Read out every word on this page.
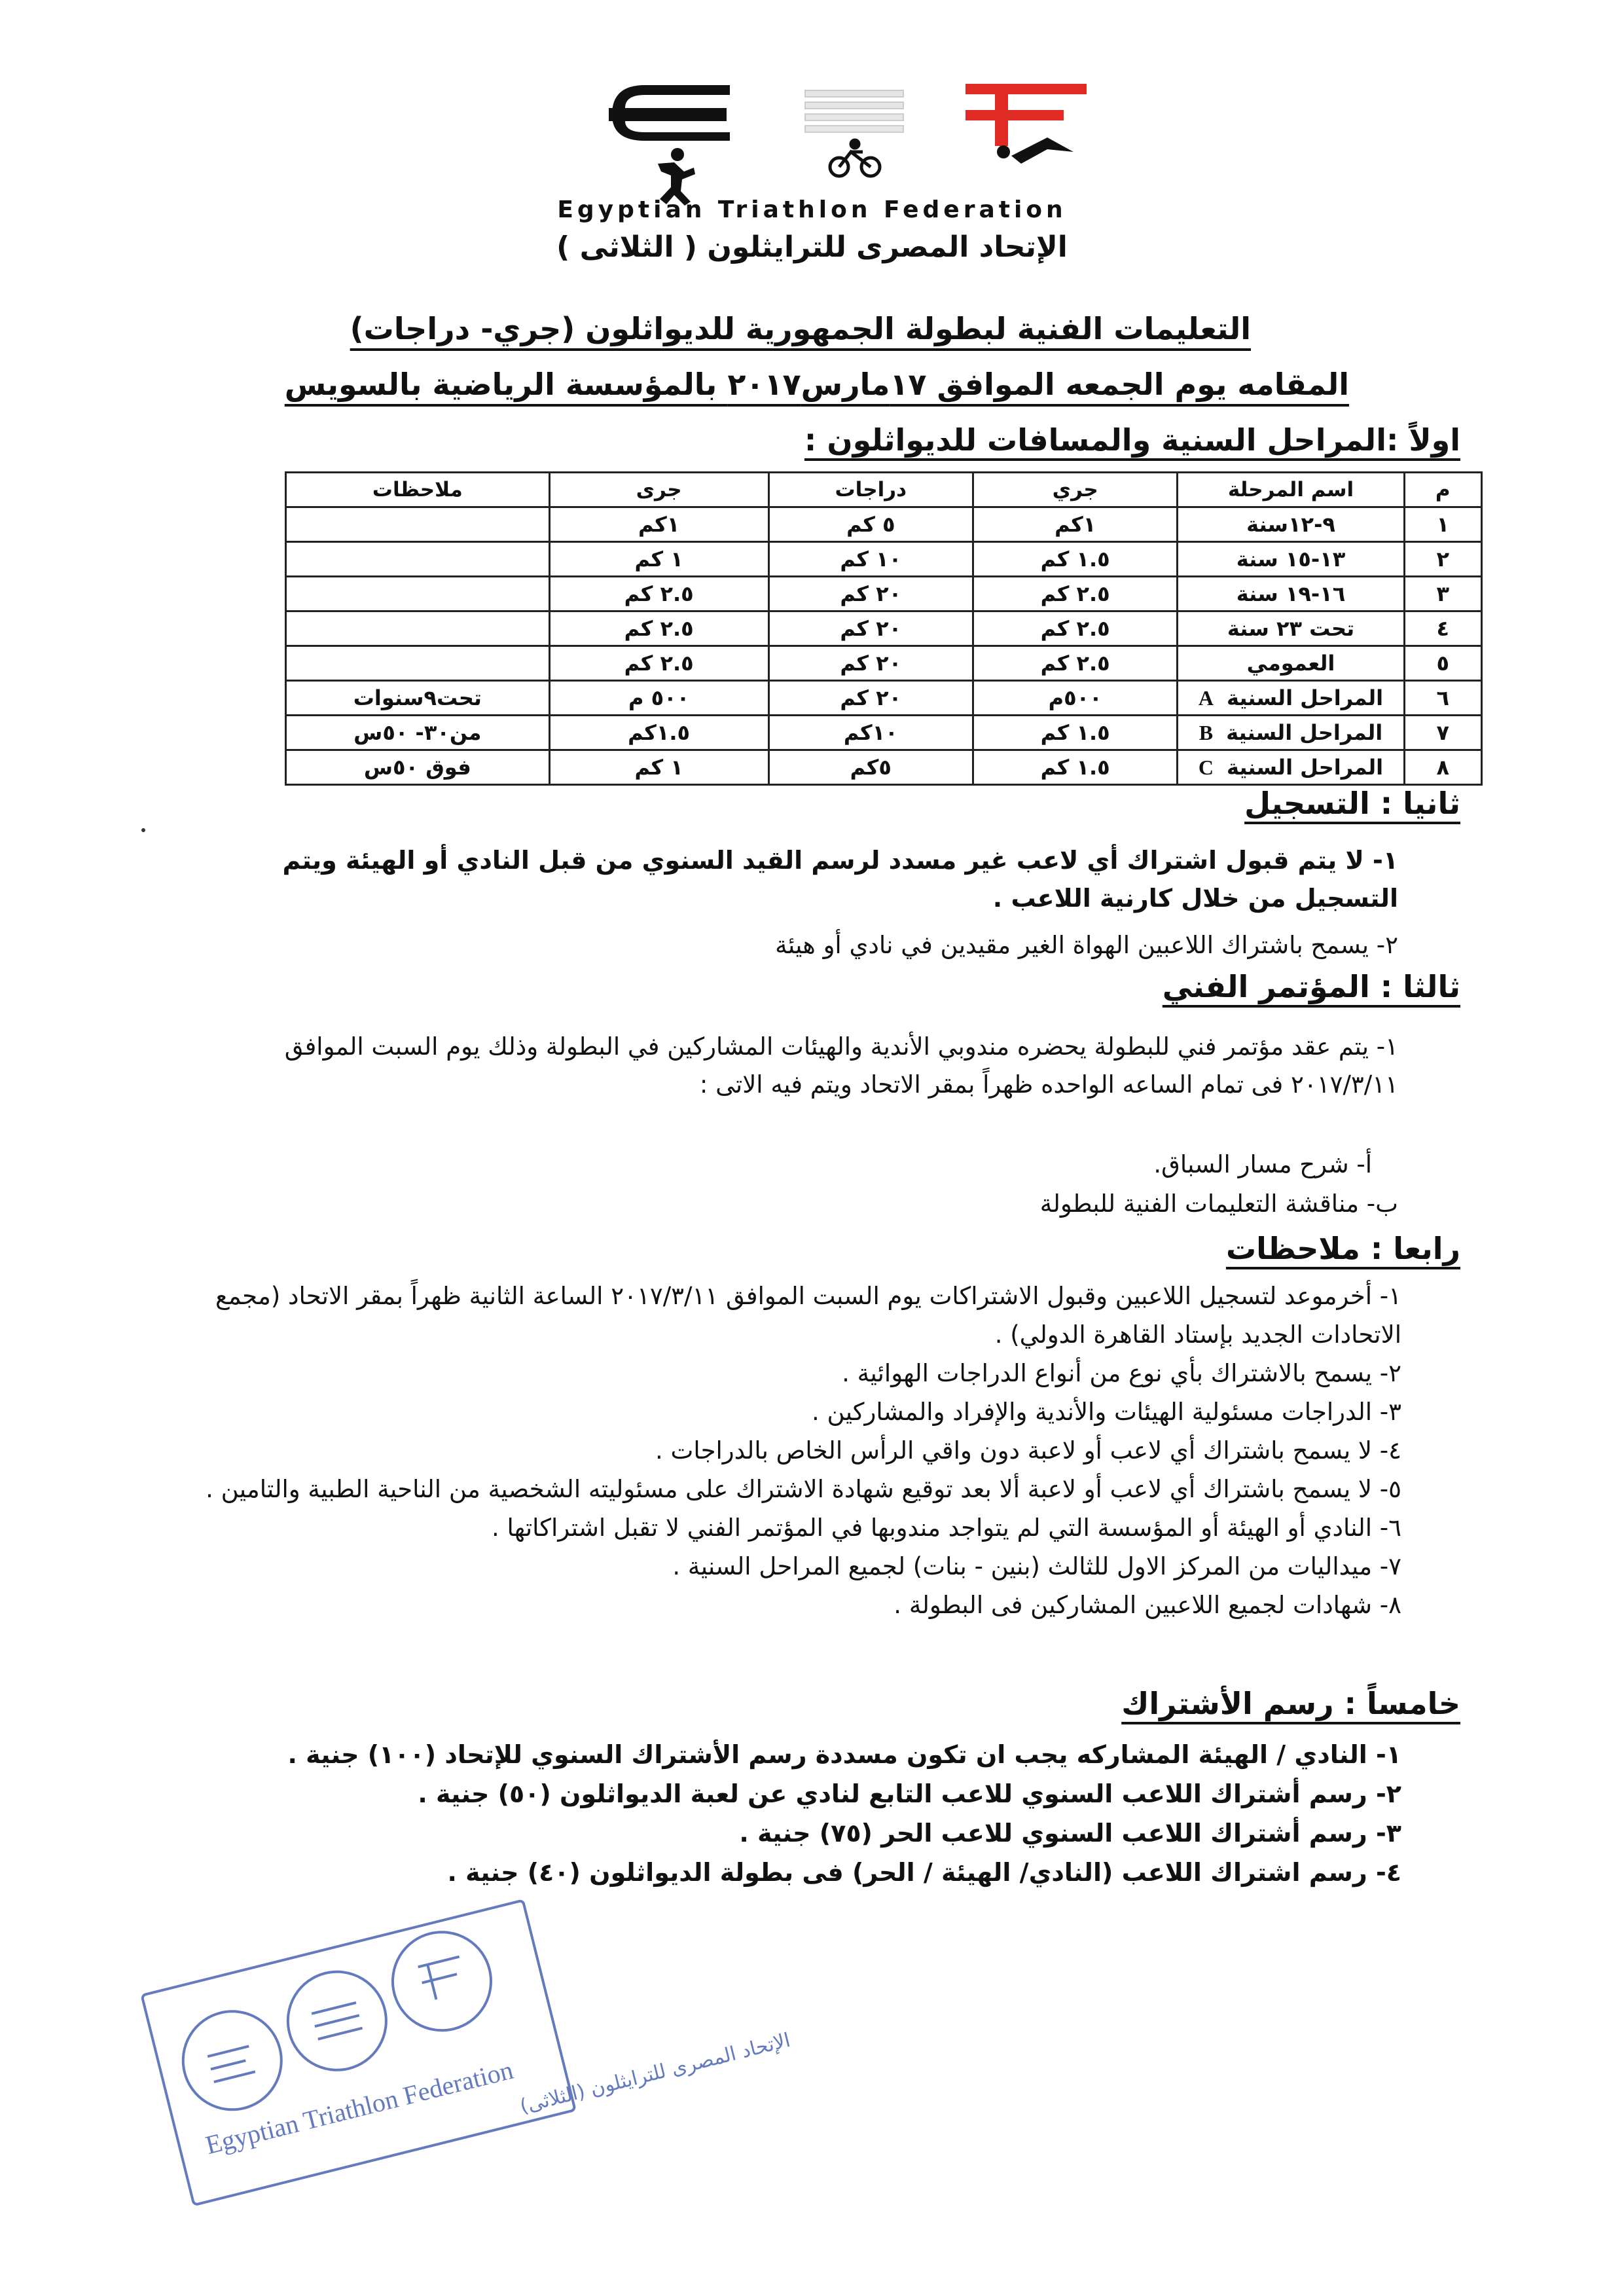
Egyptian Triathlon Federation
الإتحاد المصرى للترايثلون ( الثلاثى )
التعليمات الفنية لبطولة الجمهورية للديواثلون (جري- دراجات)
المقامه يوم الجمعه الموافق ١٧مارس٢٠١٧ بالمؤسسة الرياضية بالسويس
اولاً :المراحل السنية والمسافات للديواثلون :
م	اسم المرحلة	جري	دراجات	جرى	ملاحظات
١	٩-١٢سنة	١كم	٥ كم	١كم	
٢	١٣-١٥ سنة	١.٥ كم	١٠ كم	١ كم	
٣	١٦-١٩ سنة	٢.٥ كم	٢٠ كم	٢.٥ كم	
٤	تحت ٢٣ سنة	٢.٥ كم	٢٠ كم	٢.٥ كم	
٥	العمومي	٢.٥ كم	٢٠ كم	٢.٥ كم	
٦	المراحل السنيةA	٥٠٠م	٢٠ كم	٥٠٠ م	تحت٩سنوات
٧	المراحل السنيةB	١.٥ كم	١٠كم	١.٥كم	من٣٠- ٥٠س
٨	المراحل السنيةC	١.٥ كم	٥كم	١ كم	فوق ٥٠س
ثانيا : التسجيل
١- لا يتم قبول اشتراك أي لاعب غير مسدد لرسم القيد السنوي من قبل النادي أو الهيئة ويتم التسجيل من خلال كارنية اللاعب .
٢- يسمح باشتراك اللاعبين الهواة الغير مقيدين في نادي أو هيئة
ثالثا : المؤتمر الفني
١- يتم عقد مؤتمر فني للبطولة يحضره مندوبي الأندية والهيئات المشاركين في البطولة وذلك يوم السبت الموافق ٢٠١٧/٣/١١ فى تمام الساعه الواحده ظهراً بمقر الاتحاد ويتم فيه الاتى :
أ- شرح مسار السباق.
ب- مناقشة التعليمات الفنية للبطولة
رابعا : ملاحظات
١- أخرموعد لتسجيل اللاعبين وقبول الاشتراكات يوم السبت الموافق ٢٠١٧/٣/١١ الساعة الثانية ظهراً بمقر الاتحاد (مجمع الاتحادات الجديد بإستاد القاهرة الدولي) .
٢- يسمح بالاشتراك بأي نوع من أنواع الدراجات الهوائية .
٣- الدراجات مسئولية الهيئات والأندية والإفراد والمشاركين .
٤- لا يسمح باشتراك أي لاعب أو لاعبة دون واقي الرأس الخاص بالدراجات .
٥- لا يسمح باشتراك أي لاعب أو لاعبة ألا بعد توقيع شهادة الاشتراك على مسئوليته الشخصية من الناحية الطبية والتامين .
٦- النادي أو الهيئة أو المؤسسة التي لم يتواجد مندوبها في المؤتمر الفني لا تقبل اشتراكاتها .
٧- ميداليات من المركز الاول للثالث (بنين - بنات) لجميع المراحل السنية .
٨- شهادات لجميع اللاعبين المشاركين فى البطولة .
خامساً : رسم الأشتراك
١- النادي / الهيئة المشاركه يجب ان تكون مسددة رسم الأشتراك السنوي للإتحاد (١٠٠) جنية .
٢- رسم أشتراك اللاعب السنوي للاعب التابع لنادي عن لعبة الديواثلون (٥٠) جنية .
٣- رسم أشتراك اللاعب السنوي للاعب الحر (٧٥) جنية .
٤- رسم اشتراك اللاعب (النادي/ الهيئة / الحر) فى بطولة الديواثلون (٤٠) جنية .
Egyptian Triathlon Federation الإتحاد المصرى للترايثلون (الثلاثى)
